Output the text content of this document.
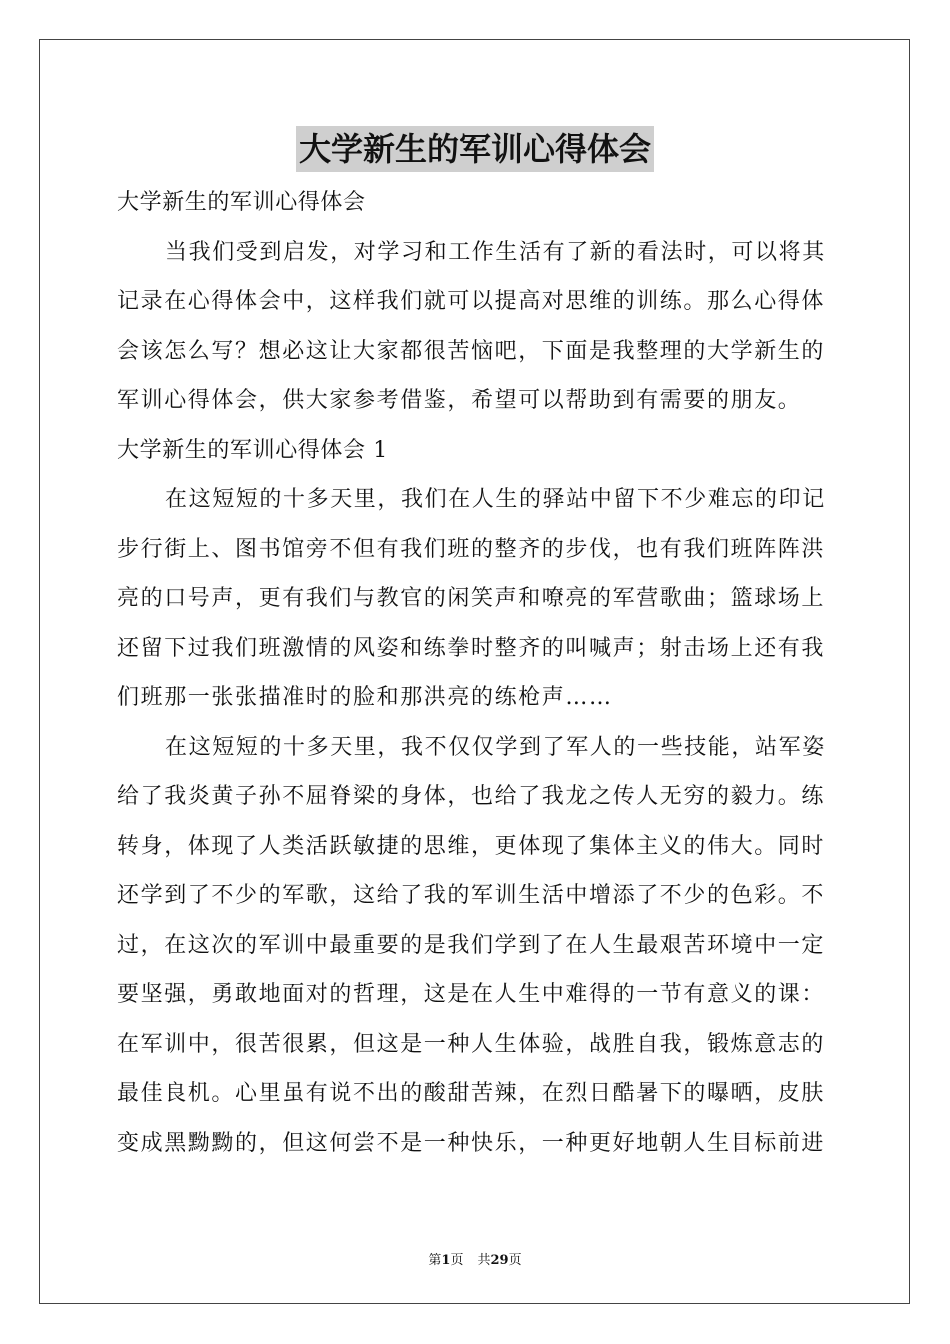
大学新生的军训心得体会
大学新生的军训心得体会
当我们受到启发，对学习和工作生活有了新的看法时，可以将其
记录在心得体会中，这样我们就可以提高对思维的训练。那么心得体
会该怎么写？想必这让大家都很苦恼吧，下面是我整理的大学新生的
军训心得体会，供大家参考借鉴，希望可以帮助到有需要的朋友。
大学新生的军训心得体会 1
在这短短的十多天里，我们在人生的驿站中留下不少难忘的印记
步行街上、图书馆旁不但有我们班的整齐的步伐，也有我们班阵阵洪
亮的口号声，更有我们与教官的闲笑声和嘹亮的军营歌曲；篮球场上
还留下过我们班激情的风姿和练拳时整齐的叫喊声；射击场上还有我
们班那一张张描准时的脸和那洪亮的练枪声……
在这短短的十多天里，我不仅仅学到了军人的一些技能，站军姿
给了我炎黄子孙不屈脊梁的身体，也给了我龙之传人无穷的毅力。练
转身，体现了人类活跃敏捷的思维，更体现了集体主义的伟大。同时
还学到了不少的军歌，这给了我的军训生活中增添了不少的色彩。不
过，在这次的军训中最重要的是我们学到了在人生最艰苦环境中一定
要坚强，勇敢地面对的哲理，这是在人生中难得的一节有意义的课：
在军训中，很苦很累，但这是一种人生体验，战胜自我，锻炼意志的
最佳良机。心里虽有说不出的酸甜苦辣，在烈日酷暑下的曝晒，皮肤
变成黑黝黝的，但这何尝不是一种快乐，一种更好地朝人生目标前进
第1页 共29页
